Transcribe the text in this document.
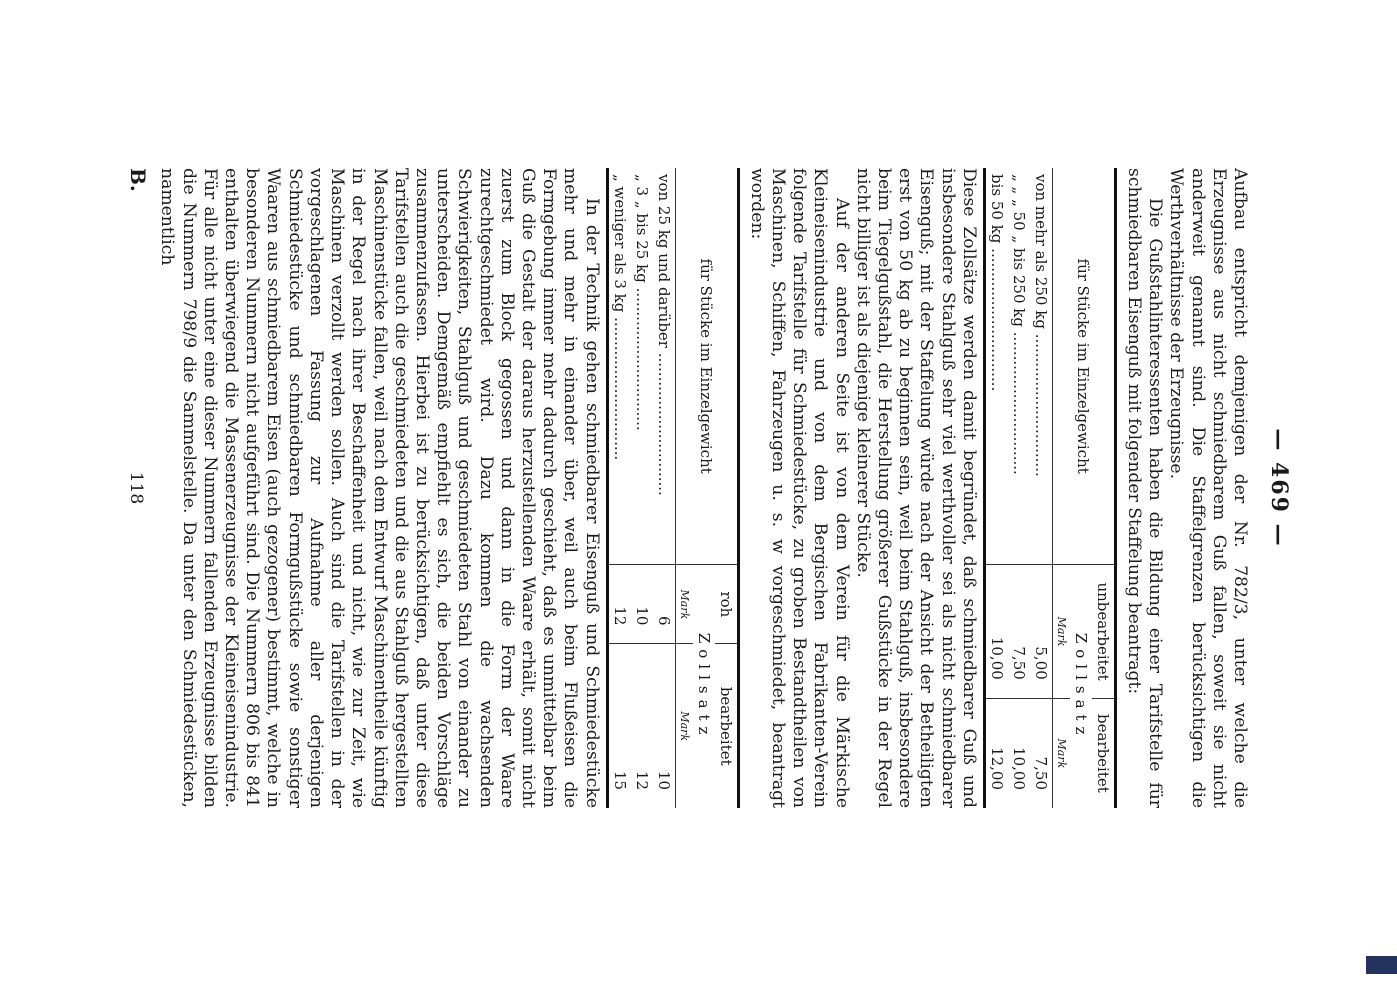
— 469 —

Aufbau entspricht demjenigen der Nr. 782/3, unter welche die Erzeugnisse aus nicht schmiedbarem Guß fallen, soweit sie nicht anderweit genannt sind. Die Staffelgrenzen berücksichtigen die Werthverhältnisse der Erzeugnisse.

Die Gußstahlinteressenten haben die Bildung einer Tarifstelle für schmiedbaren Eisenguß mit folgender Staffelung beantragt:

für Stücke im Einzelgewicht	unbearbeitet	bearbeitet
	Zollsatz	
	Mark	Mark
von mehr als 250 kg ..............................	5,00	7,50
„ „ „ 50 „ bis 250 kg ..............................	7,50	10,00
bis 50 kg ..............................	10,00	12,00

Diese Zollsätze werden damit begründet, daß schmiedbarer Guß und insbesondere Stahlguß sehr viel werthvoller sei als nicht schmiedbarer Eisenguß; mit der Staffelung würde nach der Ansicht der Betheiligten erst von 50 kg ab zu beginnen sein, weil beim Stahlguß, insbesondere beim Tiegelgußstahl, die Herstellung größerer Gußstücke in der Regel nicht billiger ist als diejenige kleinerer Stücke.

Auf der anderen Seite ist von dem Verein für die Märkische Kleineisenindustrie und von dem Bergischen Fabrikanten-Verein folgende Tarifstelle für Schmiedestücke, zu groben Bestandtheilen von Maschinen, Schiffen, Fahrzeugen u. s. w vorgeschmiedet, beantragt worden:

für Stücke im Einzelgewicht	roh	bearbeitet
	Zollsatz	
	Mark	Mark
von 25 kg und darüber ..............................	6	10
„ 3 „ bis 25 kg ..............................	10	12
„ weniger als 3 kg ..............................	12	15

In der Technik gehen schmiedbarer Eisenguß und Schmiedestücke mehr und mehr in einander über, weil auch beim Flußeisen die Formgebung immer mehr dadurch geschieht, daß es unmittelbar beim Guß die Gestalt der daraus herzustellenden Waare erhält, somit nicht zuerst zum Block gegossen und dann in die Form der Waare zurechtgeschmiedet wird. Dazu kommen die wachsenden Schwierigkeiten, Stahlguß und geschmiedeten Stahl von einander zu unterscheiden. Demgemäß empfiehlt es sich, die beiden Vorschläge zusammenzufassen. Hierbei ist zu berücksichtigen, daß unter diese Tarifstellen auch die geschmiedeten und die aus Stahlguß hergestellten Maschinenstücke fallen, weil nach dem Entwurf Maschinentheile künftig in der Regel nach ihrer Beschaffenheit und nicht, wie zur Zeit, wie Maschinen verzollt werden sollen. Auch sind die Tarifstellen in der vorgeschlagenen Fassung zur Aufnahme aller derjenigen Schmiedestücke und schmiedbaren Formgußstücke sowie sonstiger Waaren aus schmiedbarem Eisen (auch gezogener) bestimmt, welche in besonderen Nummern nicht aufgeführt sind. Die Nummern 806 bis 841 enthalten überwiegend die Massenerzeugnisse der Kleineisenindustrie. Für alle nicht unter eine dieser Nummern fallenden Erzeugnisse bilden die Nummern 798/9 die Sammelstelle. Da unter den Schmiedestücken, namentlich

B.
118
